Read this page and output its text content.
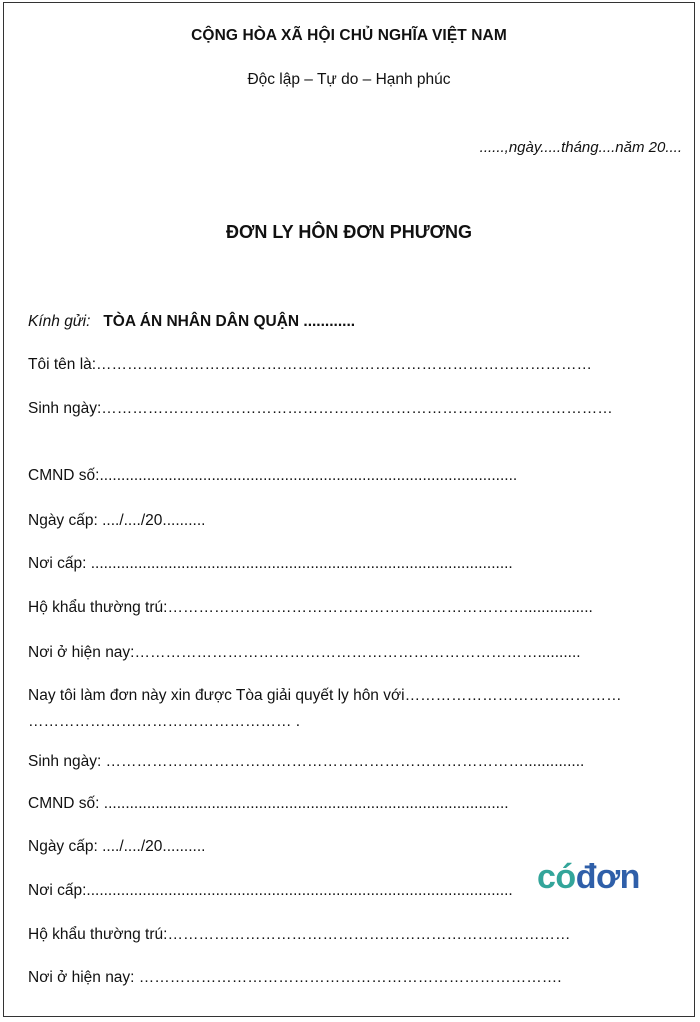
CỘNG HÒA XÃ HỘI CHỦ NGHĨA VIỆT NAM
Độc lập – Tự do – Hạnh phúc
......,ngày.....tháng....năm 20....
ĐƠN LY HÔN ĐƠN PHƯƠNG
Kính gửi: TÒA ÁN NHÂN DÂN QUẬN ............
Tôi tên là:……………………………………………………………………………………
Sinh ngày:………………………………………………………………………………………
CMND số:.................................................................................................
Ngày cấp: ..../..../20..........
Nơi cấp: ..................................................................................................
Hộ khẩu thường trú:……………………………………………………………................
Nơi ở hiện nay:……………………………………………………………………..........
Nay tôi làm đơn này xin được Tòa giải quyết ly hôn với……………………………………
…………………………………………… .
Sinh ngày: ………………………………………………………………………..............
CMND số: ..............................................................................................
Ngày cấp: ..../..../20..........
Nơi cấp:...................................................................................................
Hộ khẩu thường trú:……………………………………………………………………
Nơi ở hiện nay: ……………………………………………………………………….
cóđơn
